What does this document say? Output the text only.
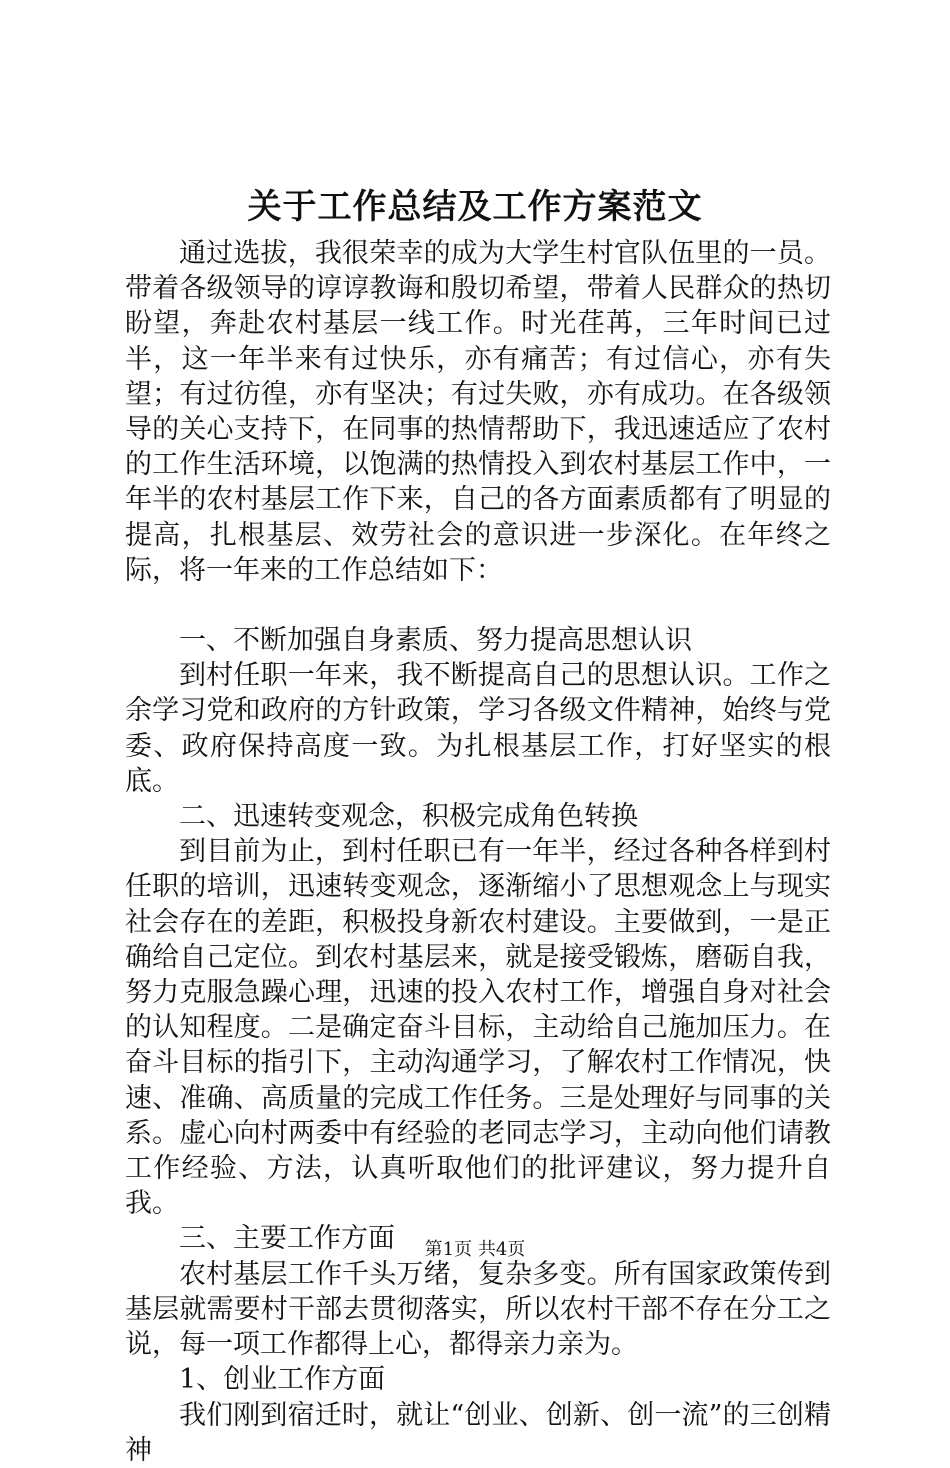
关于工作总结及工作方案范文

通过选拔，我很荣幸的成为大学生村官队伍里的一员。带着各级领导的谆谆教诲和殷切希望，带着人民群众的热切盼望，奔赴农村基层一线工作。时光荏苒，三年时间已过半，这一年半来有过快乐，亦有痛苦；有过信心，亦有失望；有过彷徨，亦有坚决；有过失败，亦有成功。在各级领导的关心支持下，在同事的热情帮助下，我迅速适应了农村的工作生活环境，以饱满的热情投入到农村基层工作中，一年半的农村基层工作下来，自己的各方面素质都有了明显的提高，扎根基层、效劳社会的意识进一步深化。在年终之际，将一年来的工作总结如下：

一、不断加强自身素质、努力提高思想认识

到村任职一年来，我不断提高自己的思想认识。工作之余学习党和政府的方针政策，学习各级文件精神，始终与党委、政府保持高度一致。为扎根基层工作，打好坚实的根底。

二、迅速转变观念，积极完成角色转换

到目前为止，到村任职已有一年半，经过各种各样到村任职的培训，迅速转变观念，逐渐缩小了思想观念上与现实社会存在的差距，积极投身新农村建设。主要做到，一是正确给自己定位。到农村基层来，就是接受锻炼，磨砺自我，努力克服急躁心理，迅速的投入农村工作，增强自身对社会的认知程度。二是确定奋斗目标，主动给自己施加压力。在奋斗目标的指引下，主动沟通学习，了解农村工作情况，快速、准确、高质量的完成工作任务。三是处理好与同事的关系。虚心向村两委中有经验的老同志学习，主动向他们请教工作经验、方法，认真听取他们的批评建议，努力提升自我。

三、主要工作方面

农村基层工作千头万绪，复杂多变。所有国家政策传到基层就需要村干部去贯彻落实，所以农村干部不存在分工之说，每一项工作都得上心，都得亲力亲为。

1、创业工作方面

我们刚到宿迁时，就让“创业、创新、创一流”的三创精神

第1页 共4页
